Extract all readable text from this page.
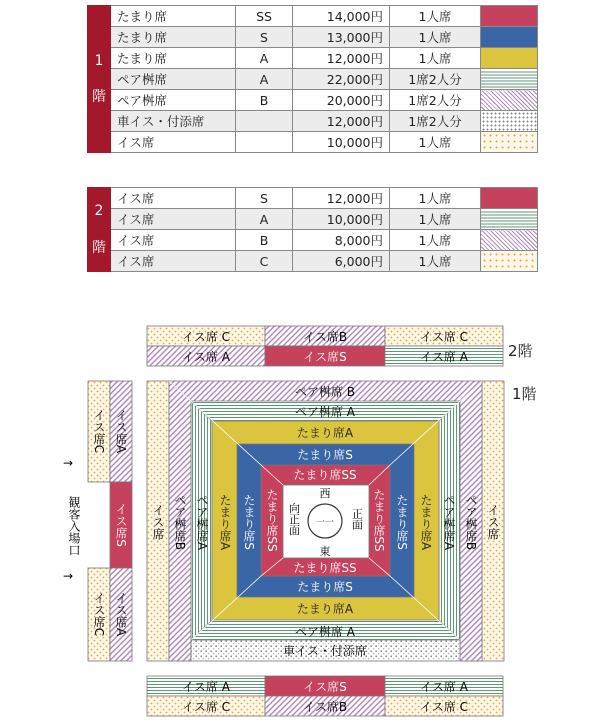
1
階	たまり席	SS	14,000円	1人席	
	たまり席	S	13,000円	1人席	
	たまり席	A	12,000円	1人席	
	ペア桝席	A	22,000円	1席2人分	
	ペア桝席	B	20,000円	1席2人分	
	車イス・付添席		12,000円	1席2人分	
	イス席		10,000円	1人席	
2
階	イス席	S	12,000円	1人席	
	イス席	A	10,000円	1人席	
	イス席	B	8,000円	1人席	
	イス席	C	6,000円	1人席	
2階
1階
イス席 C	イス席B	イス席 C
イス席 A	イス席S	イス席 A
イス席 A	イス席S	イス席 A
イス席 C	イス席B	イス席 C
イス席C イス席A
イス席S
イス席C イス席A
→
→
観客入場口	イス席	イス席
車イス・付添席
ペア桝席 B
ペア桝席 A
ペア桝席 A
ペア桝席B ペア桝席A	ペア桝席A ペア桝席B
たまり席A
たまり席A
たまり席A	たまり席A
たまり席S
たまり席S
たまり席S	たまり席S
たまり席SS
たまり席SS
たまり席SS	たまり席SS
西
東
向正面	正面
一一
